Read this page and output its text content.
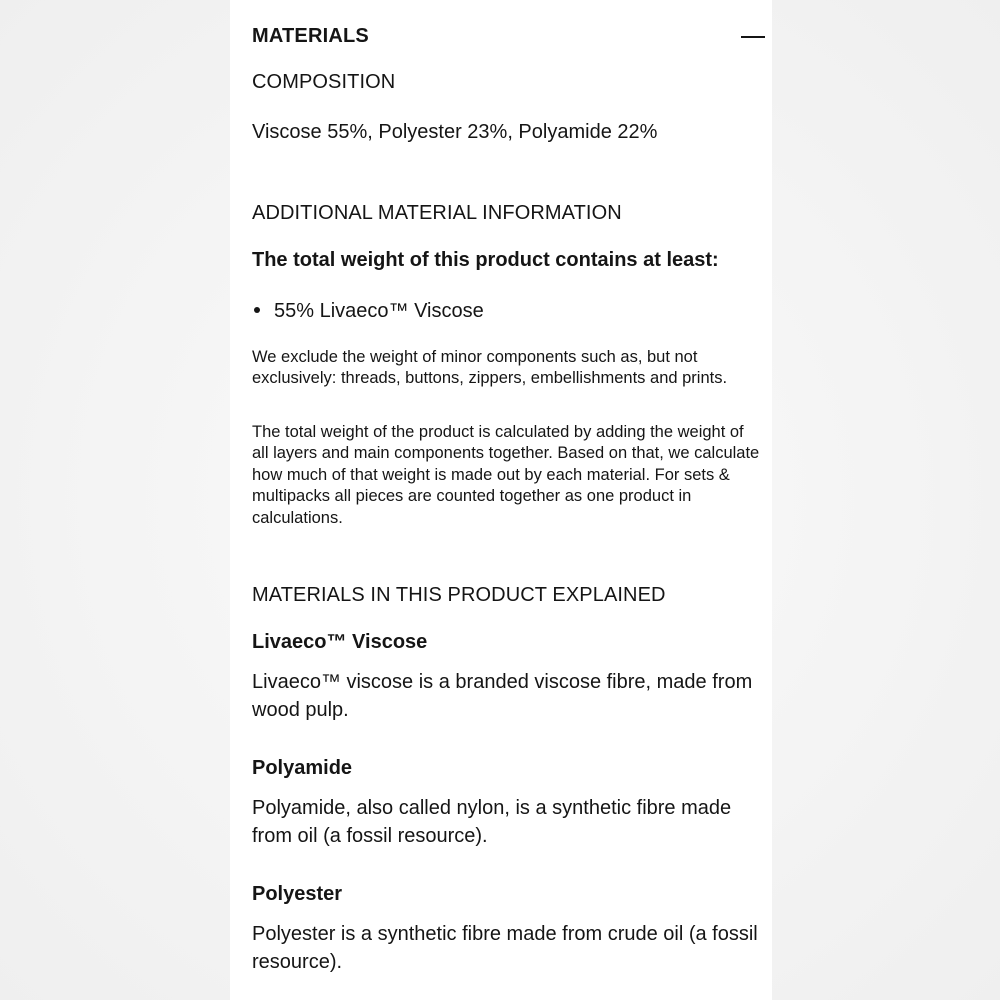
MATERIALS
COMPOSITION

Viscose 55%, Polyester 23%, Polyamide 22%

ADDITIONAL MATERIAL INFORMATION

The total weight of this product contains at least:

55% Livaeco™ Viscose

We exclude the weight of minor components such as, but not exclusively: threads, buttons, zippers, embellishments and prints.

The total weight of the product is calculated by adding the weight of all layers and main components together. Based on that, we calculate how much of that weight is made out by each material. For sets & multipacks all pieces are counted together as one product in calculations.

MATERIALS IN THIS PRODUCT EXPLAINED

Livaeco™ Viscose

Livaeco™ viscose is a branded viscose fibre, made from wood pulp.

Polyamide

Polyamide, also called nylon, is a synthetic fibre made from oil (a fossil resource).

Polyester

Polyester is a synthetic fibre made from crude oil (a fossil resource).
